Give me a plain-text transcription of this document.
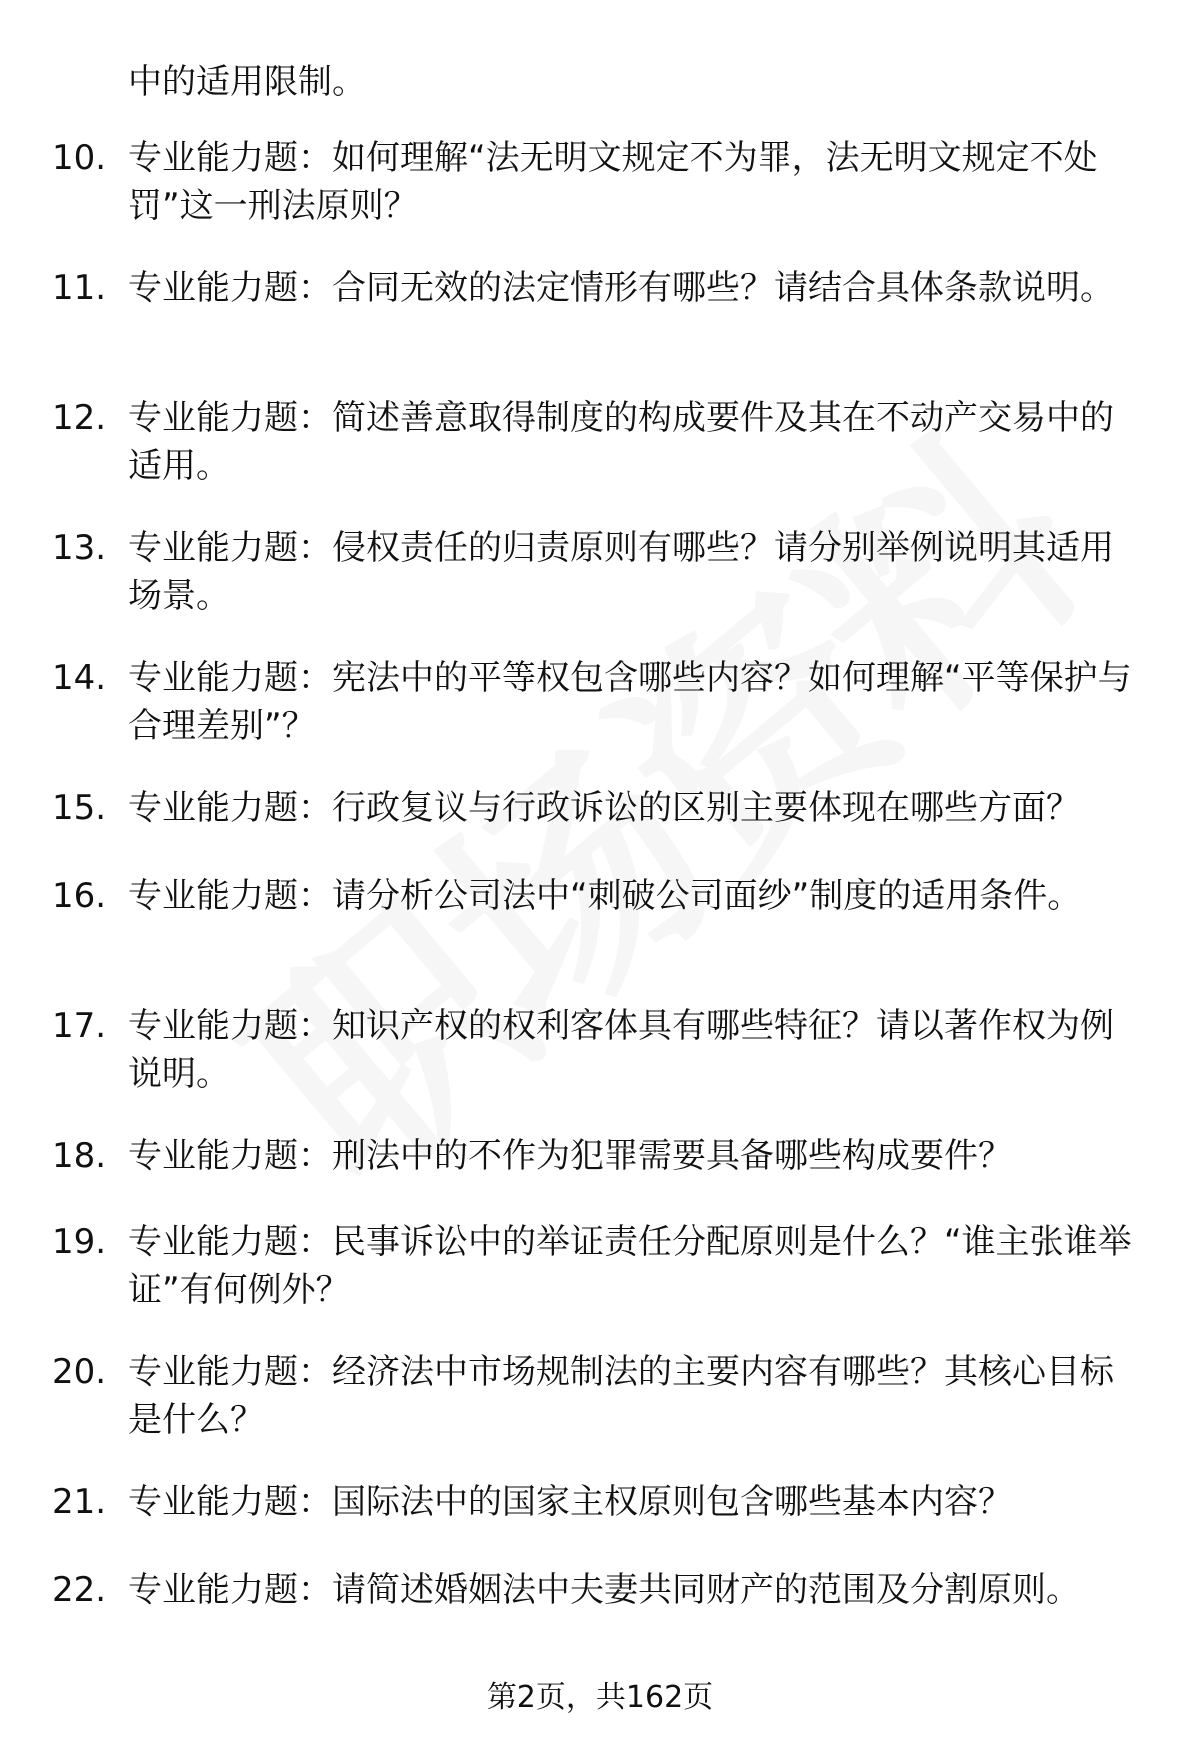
中的适用限制。
10. 专业能力题：如何理解“法无明文规定不为罪，法无明文规定不处罚”这一刑法原则？
11. 专业能力题：合同无效的法定情形有哪些？请结合具体条款说明。
12. 专业能力题：简述善意取得制度的构成要件及其在不动产交易中的适用。
13. 专业能力题：侵权责任的归责原则有哪些？请分别举例说明其适用场景。
14. 专业能力题：宪法中的平等权包含哪些内容？如何理解“平等保护与合理差别”？
15. 专业能力题：行政复议与行政诉讼的区别主要体现在哪些方面？
16. 专业能力题：请分析公司法中“刺破公司面纱”制度的适用条件。
17. 专业能力题：知识产权的权利客体具有哪些特征？请以著作权为例说明。
18. 专业能力题：刑法中的不作为犯罪需要具备哪些构成要件？
19. 专业能力题：民事诉讼中的举证责任分配原则是什么？“谁主张谁举证”有何例外？
20. 专业能力题：经济法中市场规制法的主要内容有哪些？其核心目标是什么？
21. 专业能力题：国际法中的国家主权原则包含哪些基本内容？
22. 专业能力题：请简述婚姻法中夫妻共同财产的范围及分割原则。
第2页，共162页
